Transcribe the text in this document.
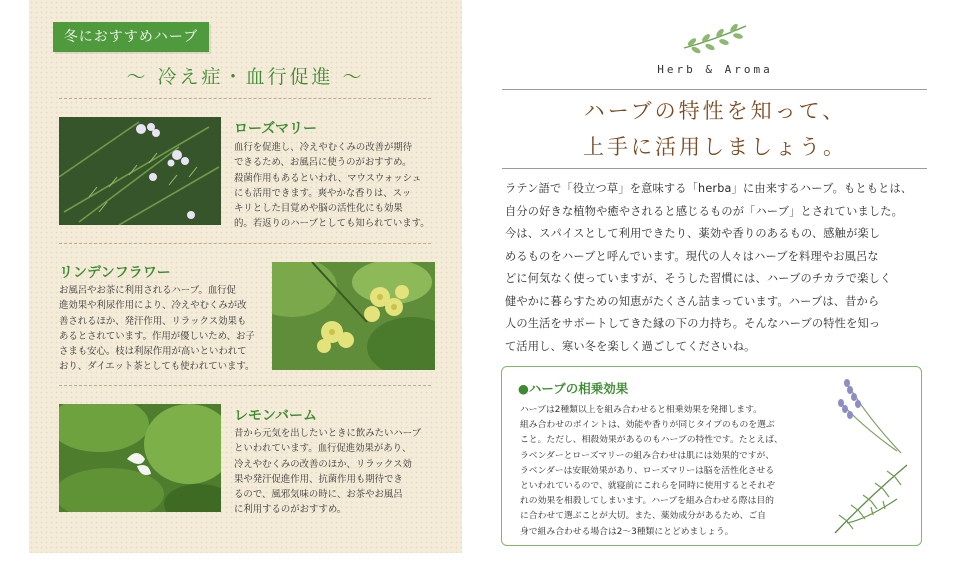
冬におすすめハーブ
～ 冷え症・血行促進 ～
ローズマリー
血行を促進し、冷えやむくみの改善が期待
できるため、お風呂に使うのがおすすめ。
殺菌作用もあるといわれ、マウスウォッシュ
にも活用できます。爽やかな香りは、スッ
キリとした目覚めや脳の活性化にも効果
的。若返りのハーブとしても知られています。
リンデンフラワー
お風呂やお茶に利用されるハーブ。血行促
進効果や利尿作用により、冷えやむくみが改
善されるほか、発汗作用、リラックス効果も
あるとされています。作用が優しいため、お子
さまも安心。枝は利尿作用が高いといわれて
おり、ダイエット茶としても使われています。
レモンバーム
昔から元気を出したいときに飲みたいハーブ
といわれています。血行促進効果があり、
冷えやむくみの改善のほか、リラックス効
果や発汗促進作用、抗菌作用も期待でき
るので、風邪気味の時に、お茶やお風呂
に利用するのがおすすめ。
Herb & Aroma
ハーブの特性を知って、
上手に活用しましょう。
ラテン語で「役立つ草」を意味する「herba」に由来するハーブ。もともとは、
自分の好きな植物や癒やされると感じるものが「ハーブ」とされていました。
今は、スパイスとして利用できたり、薬効や香りのあるもの、感触が楽し
めるものをハーブと呼んでいます。現代の人々はハーブを料理やお風呂な
どに何気なく使っていますが、そうした習慣には、ハーブのチカラで楽しく
健やかに暮らすための知恵がたくさん詰まっています。ハーブは、昔から
人の生活をサポートしてきた縁の下の力持ち。そんなハーブの特性を知っ
て活用し、寒い冬を楽しく過ごしてくださいね。
●ハーブの相乗効果
ハーブは2種類以上を組み合わせると相乗効果を発揮します。
組み合わせのポイントは、効能や香りが同じタイプのものを選ぶ
こと。ただし、相殺効果があるのもハーブの特性です。たとえば、
ラベンダーとローズマリーの組み合わせは肌には効果的ですが、
ラベンダーは安眠効果があり、ローズマリーは脳を活性化させる
といわれているので、就寝前にこれらを同時に使用するとそれぞ
れの効果を相殺してしまいます。ハーブを組み合わせる際は目的
に合わせて選ぶことが大切。また、薬効成分があるため、ご自
身で組み合わせる場合は2～3種類にとどめましょう。
